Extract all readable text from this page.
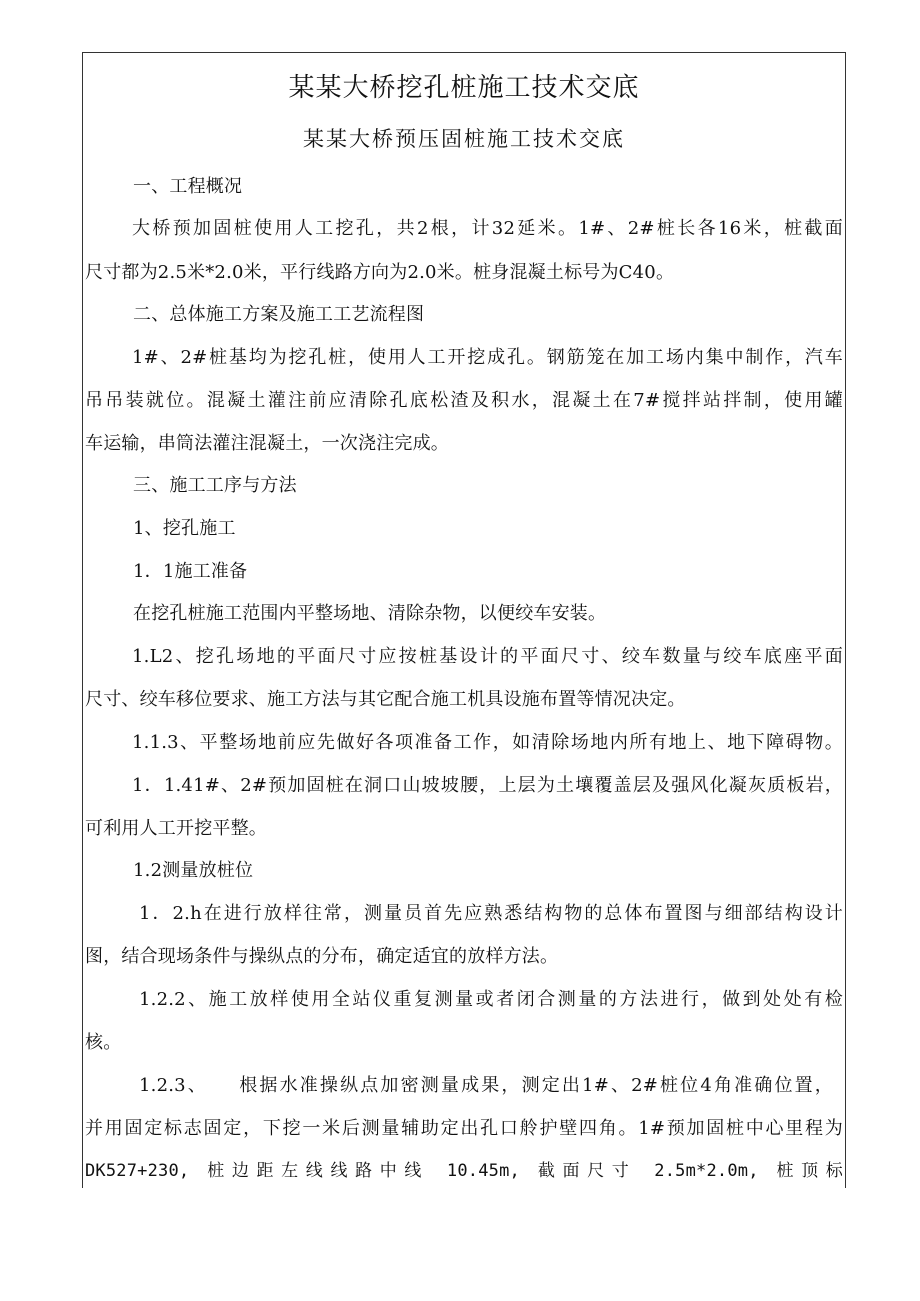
某某大桥挖孔桩施工技术交底
某某大桥预压固桩施工技术交底
一、工程概况
大桥预加固桩使用人工挖孔，共2根，计32延米。1#、2#桩长各16米，桩截面
尺寸都为2.5米*2.0米，平行线路方向为2.0米。桩身混凝土标号为C40。
二、总体施工方案及施工工艺流程图
1#、2#桩基均为挖孔桩，使用人工开挖成孔。钢筋笼在加工场内集中制作，汽车
吊吊装就位。混凝土灌注前应清除孔底松渣及积水，混凝土在7#搅拌站拌制，使用罐
车运输，串筒法灌注混凝土，一次浇注完成。
三、施工工序与方法
1、挖孔施工
1．1施工准备
在挖孔桩施工范围内平整场地、清除杂物，以便绞车安装。
1.L2、挖孔场地的平面尺寸应按桩基设计的平面尺寸、绞车数量与绞车底座平面
尺寸、绞车移位要求、施工方法与其它配合施工机具设施布置等情况决定。
1.1.3、平整场地前应先做好各项准备工作，如清除场地内所有地上、地下障碍物。
1．1.41#、2#预加固桩在洞口山坡坡腰，上层为土壤覆盖层及强风化凝灰质板岩，
可利用人工开挖平整。
1.2测量放桩位
1．2.h在进行放样往常，测量员首先应熟悉结构物的总体布置图与细部结构设计
图，结合现场条件与操纵点的分布，确定适宜的放样方法。
1.2.2、施工放样使用全站仪重复测量或者闭合测量的方法进行，做到处处有检
核。
1.2.3、　　根据水准操纵点加密测量成果，测定出1#、2#桩位4角准确位置，
并用固定标志固定，下挖一米后测量辅助定出孔口舲护壁四角。1#预加固桩中心里程为
DK527+230, 桩边距左线线路中线 10.45m, 截面尺寸 2.5m*2.0m, 桩顶标
